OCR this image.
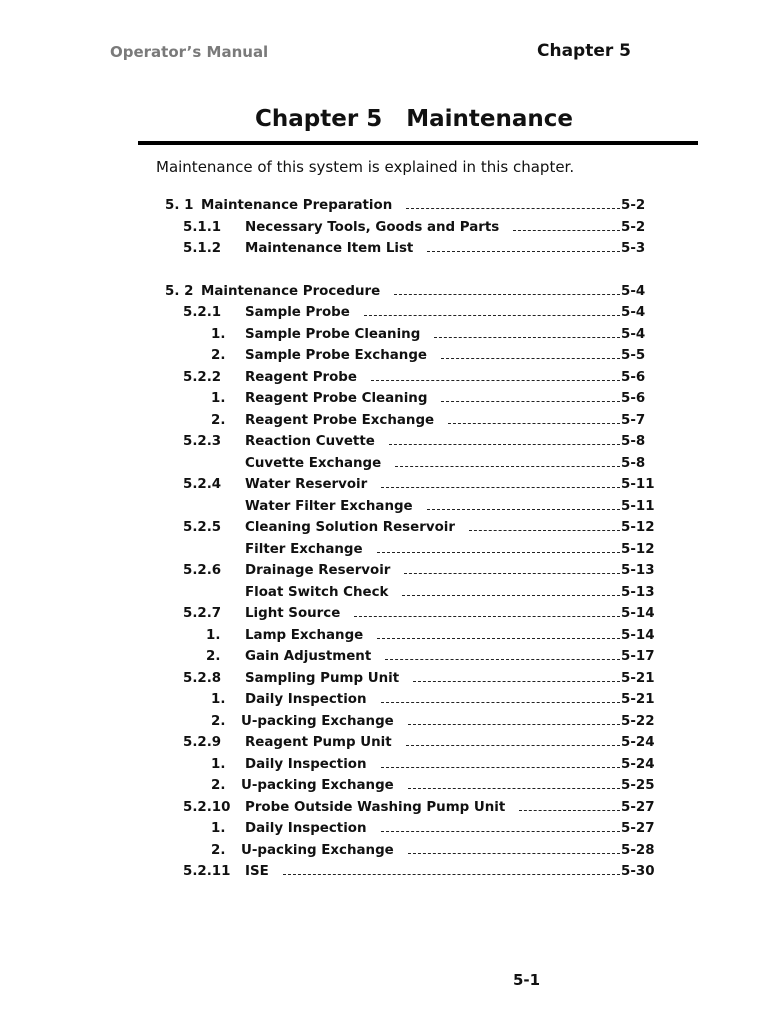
Operator’s Manual	Chapter 5
Chapter 5   Maintenance
Maintenance of this system is explained in this chapter.
5. 1 Maintenance Preparation	5-2
5.1.1 Necessary Tools, Goods and Parts	5-2
5.1.2 Maintenance Item List	5-3
5. 2 Maintenance Procedure	5-4
5.2.1 Sample Probe	5-4
1. Sample Probe Cleaning	5-4
2. Sample Probe Exchange	5-5
5.2.2 Reagent Probe	5-6
1. Reagent Probe Cleaning	5-6
2. Reagent Probe Exchange	5-7
5.2.3 Reaction Cuvette	5-8
Cuvette Exchange	5-8
5.2.4 Water Reservoir	5-11
Water Filter Exchange	5-11
5.2.5 Cleaning Solution Reservoir	5-12
Filter Exchange	5-12
5.2.6 Drainage Reservoir	5-13
Float Switch Check	5-13
5.2.7 Light Source	5-14
1. Lamp Exchange	5-14
2. Gain Adjustment	5-17
5.2.8 Sampling Pump Unit	5-21
1. Daily Inspection	5-21
2. U-packing Exchange	5-22
5.2.9 Reagent Pump Unit	5-24
1. Daily Inspection	5-24
2. U-packing Exchange	5-25
5.2.10 Probe Outside Washing Pump Unit	5-27
1. Daily Inspection	5-27
2. U-packing Exchange	5-28
5.2.11 ISE	5-30
5-1
